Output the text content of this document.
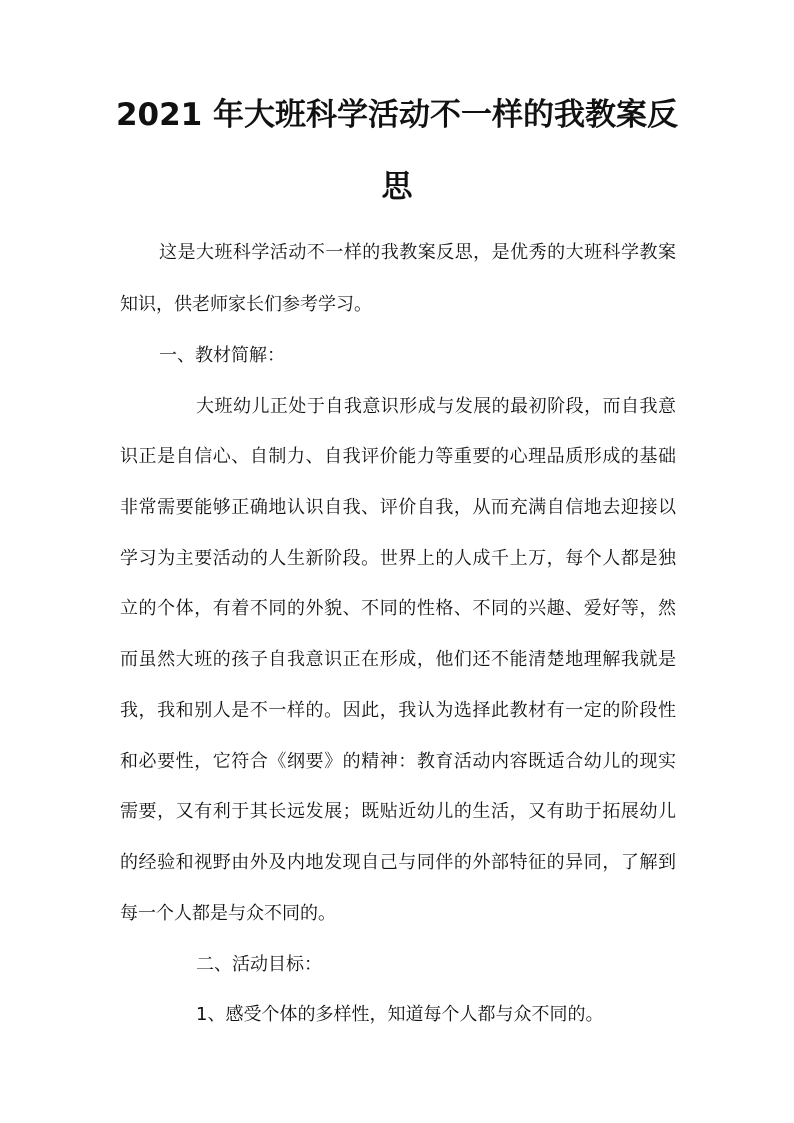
2021 年大班科学活动不一样的我教案反
思
这是大班科学活动不一样的我教案反思，是优秀的大班科学教案
知识，供老师家长们参考学习。
一、教材简解：
大班幼儿正处于自我意识形成与发展的最初阶段，而自我意
识正是自信心、自制力、自我评价能力等重要的心理品质形成的基础
非常需要能够正确地认识自我、评价自我，从而充满自信地去迎接以
学习为主要活动的人生新阶段。世界上的人成千上万，每个人都是独
立的个体，有着不同的外貌、不同的性格、不同的兴趣、爱好等，然
而虽然大班的孩子自我意识正在形成，他们还不能清楚地理解我就是
我，我和别人是不一样的。因此，我认为选择此教材有一定的阶段性
和必要性，它符合《纲要》的精神：教育活动内容既适合幼儿的现实
需要，又有利于其长远发展；既贴近幼儿的生活，又有助于拓展幼儿
的经验和视野由外及内地发现自己与同伴的外部特征的异同，了解到
每一个人都是与众不同的。
二、活动目标：
1、感受个体的多样性，知道每个人都与众不同的。
